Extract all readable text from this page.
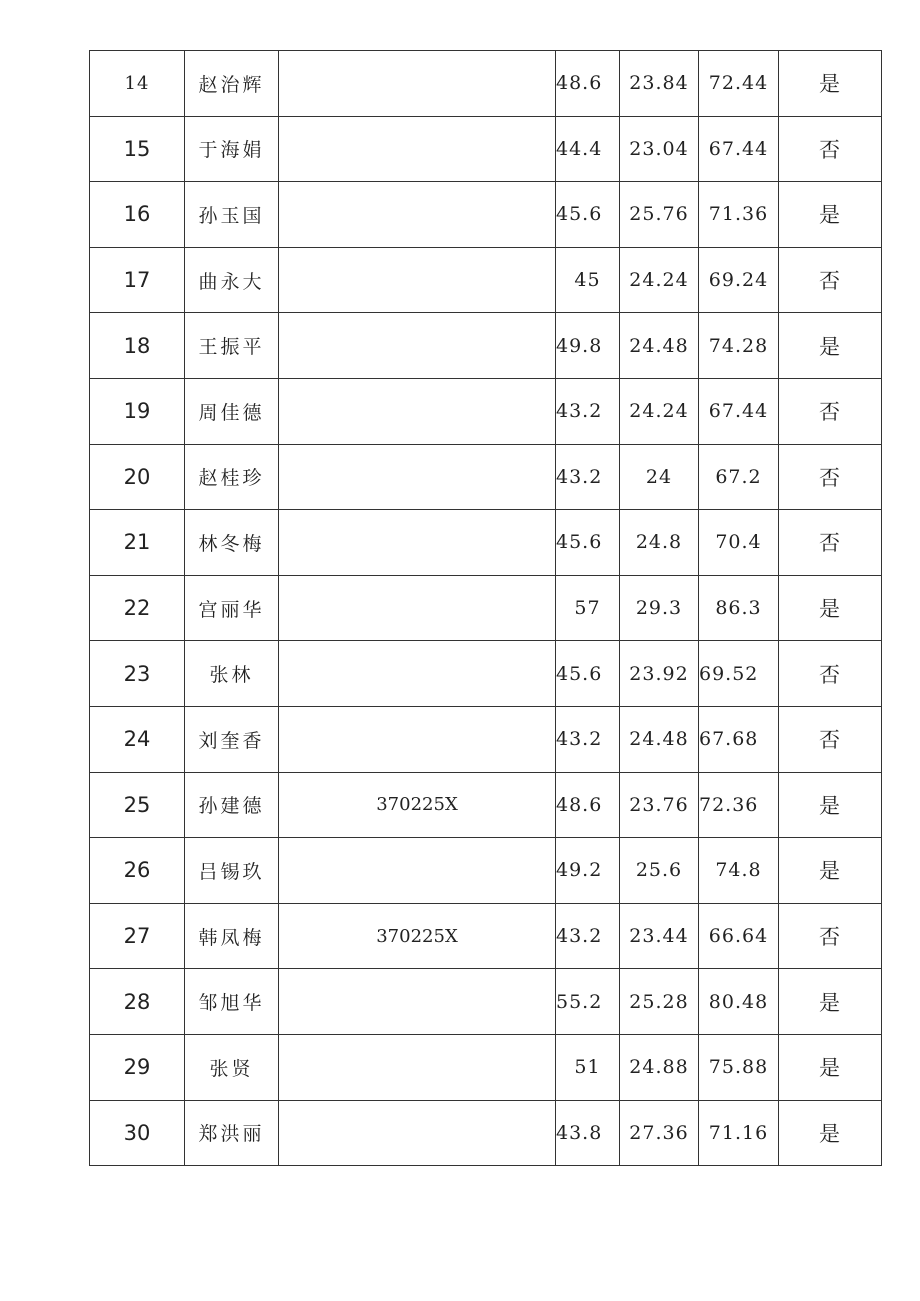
14	赵治辉		48.6	23.84	72.44	是
15	于海娟		44.4	23.04	67.44	否
16	孙玉国		45.6	25.76	71.36	是
17	曲永大		45	24.24	69.24	否
18	王振平		49.8	24.48	74.28	是
19	周佳德		43.2	24.24	67.44	否
20	赵桂珍		43.2	24	67.2	否
21	林冬梅		45.6	24.8	70.4	否
22	宫丽华		57	29.3	86.3	是
23	张林		45.6	23.92	69.52	否
24	刘奎香		43.2	24.48	67.68	否
25	孙建德	370225X	48.6	23.76	72.36	是
26	吕锡玖		49.2	25.6	74.8	是
27	韩凤梅	370225X	43.2	23.44	66.64	否
28	邹旭华		55.2	25.28	80.48	是
29	张贤		51	24.88	75.88	是
30	郑洪丽		43.8	27.36	71.16	是
